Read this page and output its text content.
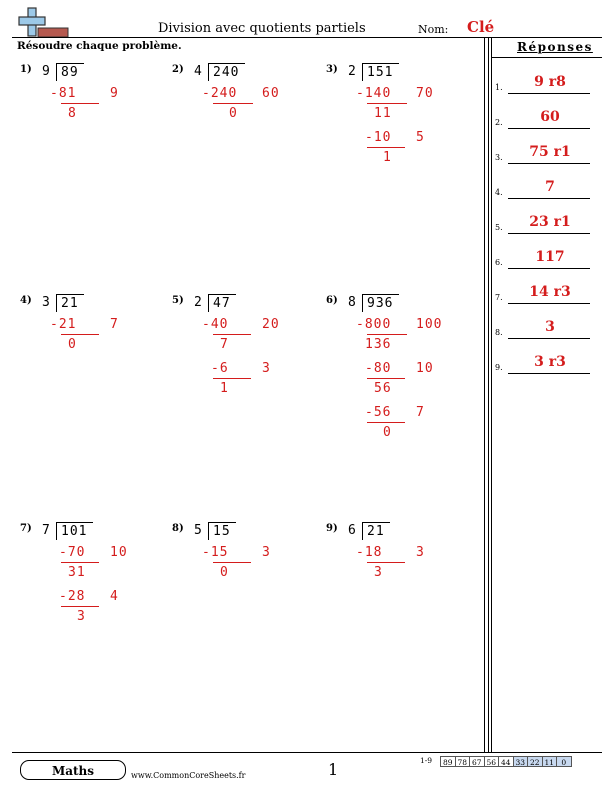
Division avec quotients partiels	Nom: Clé
Résoudre chaque problème.	Réponses
1) 9 89
-81	9
8
2) 4 240
-240 60
0
3) 2 151
-140 70
11
-10 5
1
4) 3 21
-21	7
0
5) 2 47
-40	20
7
-6	3
1
6) 8 936
-800 100
136
-80 10
56
-56 7
0
7) 7 101
-70 10
31
-28 4
3
8) 5 15
-15	3
0
9) 6 21
-18	3
3
1.	9 r8
2.	60
3.	75 r1
4.	7
5.	23 r1
6.	117
7.	14 r3
8.	3
9.	3 r3
Maths	www.CommonCoreSheets.fr	1	1-9	89 78 67 56 44 33 22 11 0
